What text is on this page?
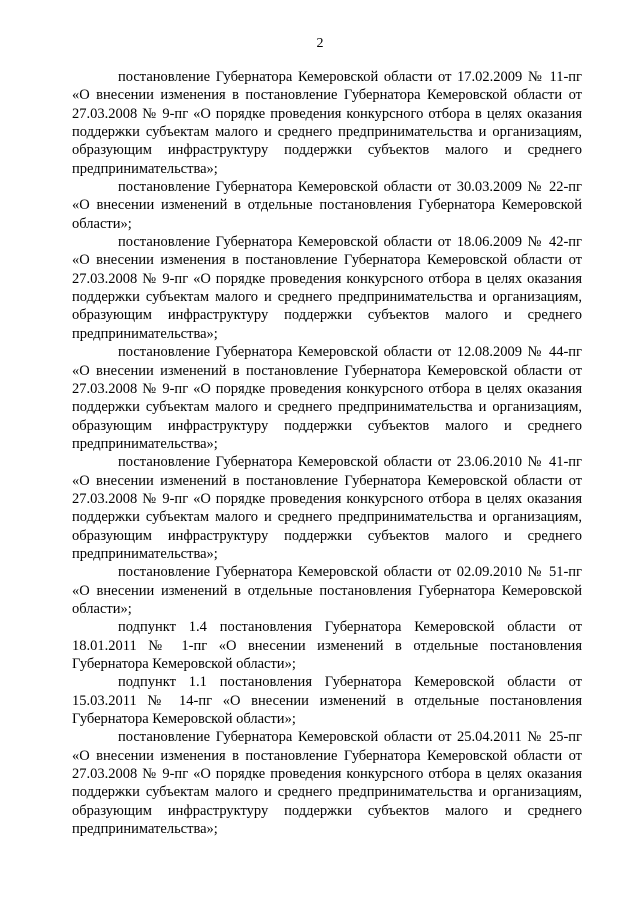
2

постановление Губернатора Кемеровской области от 17.02.2009 № 11-пг «О внесении изменения в постановление Губернатора Кемеровской области от 27.03.2008 № 9-пг «О порядке проведения конкурсного отбора в целях оказания поддержки субъектам малого и среднего предпринимательства и организациям, образующим инфраструктуру поддержки субъектов малого и среднего предпринимательства»;

постановление Губернатора Кемеровской области от 30.03.2009 № 22-пг «О внесении изменений в отдельные постановления Губернатора Кемеровской области»;

постановление Губернатора Кемеровской области от 18.06.2009 № 42-пг «О внесении изменения в постановление Губернатора Кемеровской области от 27.03.2008 № 9-пг «О порядке проведения конкурсного отбора в целях оказания поддержки субъектам малого и среднего предпринимательства и организациям, образующим инфраструктуру поддержки субъектов малого и среднего предпринимательства»;

постановление Губернатора Кемеровской области от 12.08.2009 № 44-пг «О внесении изменений в постановление Губернатора Кемеровской области от 27.03.2008 № 9-пг «О порядке проведения конкурсного отбора в целях оказания поддержки субъектам малого и среднего предпринимательства и организациям, образующим инфраструктуру поддержки субъектов малого и среднего предпринимательства»;

постановление Губернатора Кемеровской области от 23.06.2010 № 41-пг «О внесении изменений в постановление Губернатора Кемеровской области от 27.03.2008 № 9-пг «О порядке проведения конкурсного отбора в целях оказания поддержки субъектам малого и среднего предпринимательства и организациям, образующим инфраструктуру поддержки субъектов малого и среднего предпринимательства»;

постановление Губернатора Кемеровской области от 02.09.2010 № 51-пг «О внесении изменений в отдельные постановления Губернатора Кемеровской области»;

подпункт 1.4 постановления Губернатора Кемеровской области от 18.01.2011 № 1-пг «О внесении изменений в отдельные постановления Губернатора Кемеровской области»;

подпункт 1.1 постановления Губернатора Кемеровской области от 15.03.2011 № 14-пг «О внесении изменений в отдельные постановления Губернатора Кемеровской области»;

постановление Губернатора Кемеровской области от 25.04.2011 № 25-пг «О внесении изменения в постановление Губернатора Кемеровской области от 27.03.2008 № 9-пг «О порядке проведения конкурсного отбора в целях оказания поддержки субъектам малого и среднего предпринимательства и организациям, образующим инфраструктуру поддержки субъектов малого и среднего предпринимательства»;
